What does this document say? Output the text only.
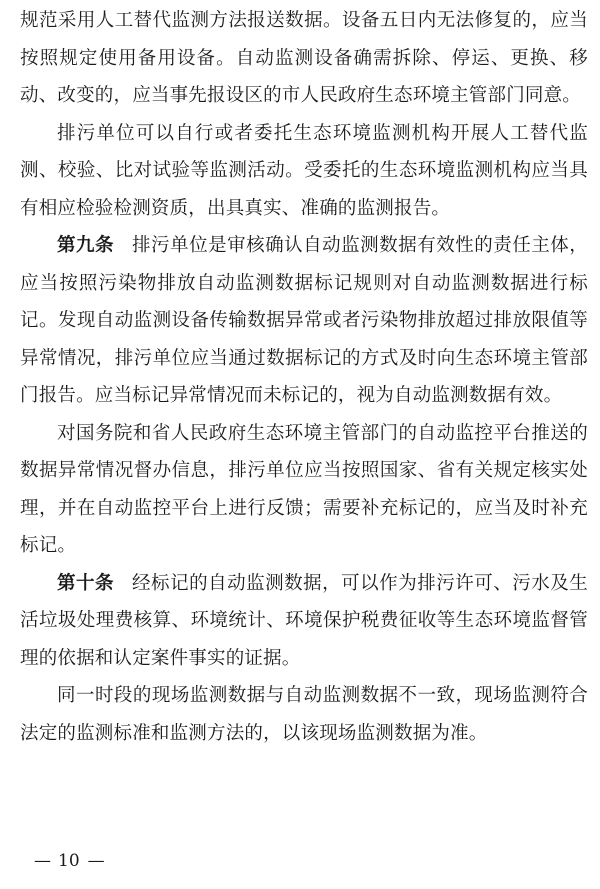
规范采用人工替代监测方法报送数据。设备五日内无法修复的，应当按照规定使用备用设备。自动监测设备确需拆除、停运、更换、移动、改变的，应当事先报设区的市人民政府生态环境主管部门同意。

排污单位可以自行或者委托生态环境监测机构开展人工替代监测、校验、比对试验等监测活动。受委托的生态环境监测机构应当具有相应检验检测资质，出具真实、准确的监测报告。

第九条 排污单位是审核确认自动监测数据有效性的责任主体，应当按照污染物排放自动监测数据标记规则对自动监测数据进行标记。发现自动监测设备传输数据异常或者污染物排放超过排放限值等异常情况，排污单位应当通过数据标记的方式及时向生态环境主管部门报告。应当标记异常情况而未标记的，视为自动监测数据有效。

对国务院和省人民政府生态环境主管部门的自动监控平台推送的数据异常情况督办信息，排污单位应当按照国家、省有关规定核实处理，并在自动监控平台上进行反馈；需要补充标记的，应当及时补充标记。

第十条 经标记的自动监测数据，可以作为排污许可、污水及生活垃圾处理费核算、环境统计、环境保护税费征收等生态环境监督管理的依据和认定案件事实的证据。

同一时段的现场监测数据与自动监测数据不一致，现场监测符合法定的监测标准和监测方法的，以该现场监测数据为准。

— 10 —
